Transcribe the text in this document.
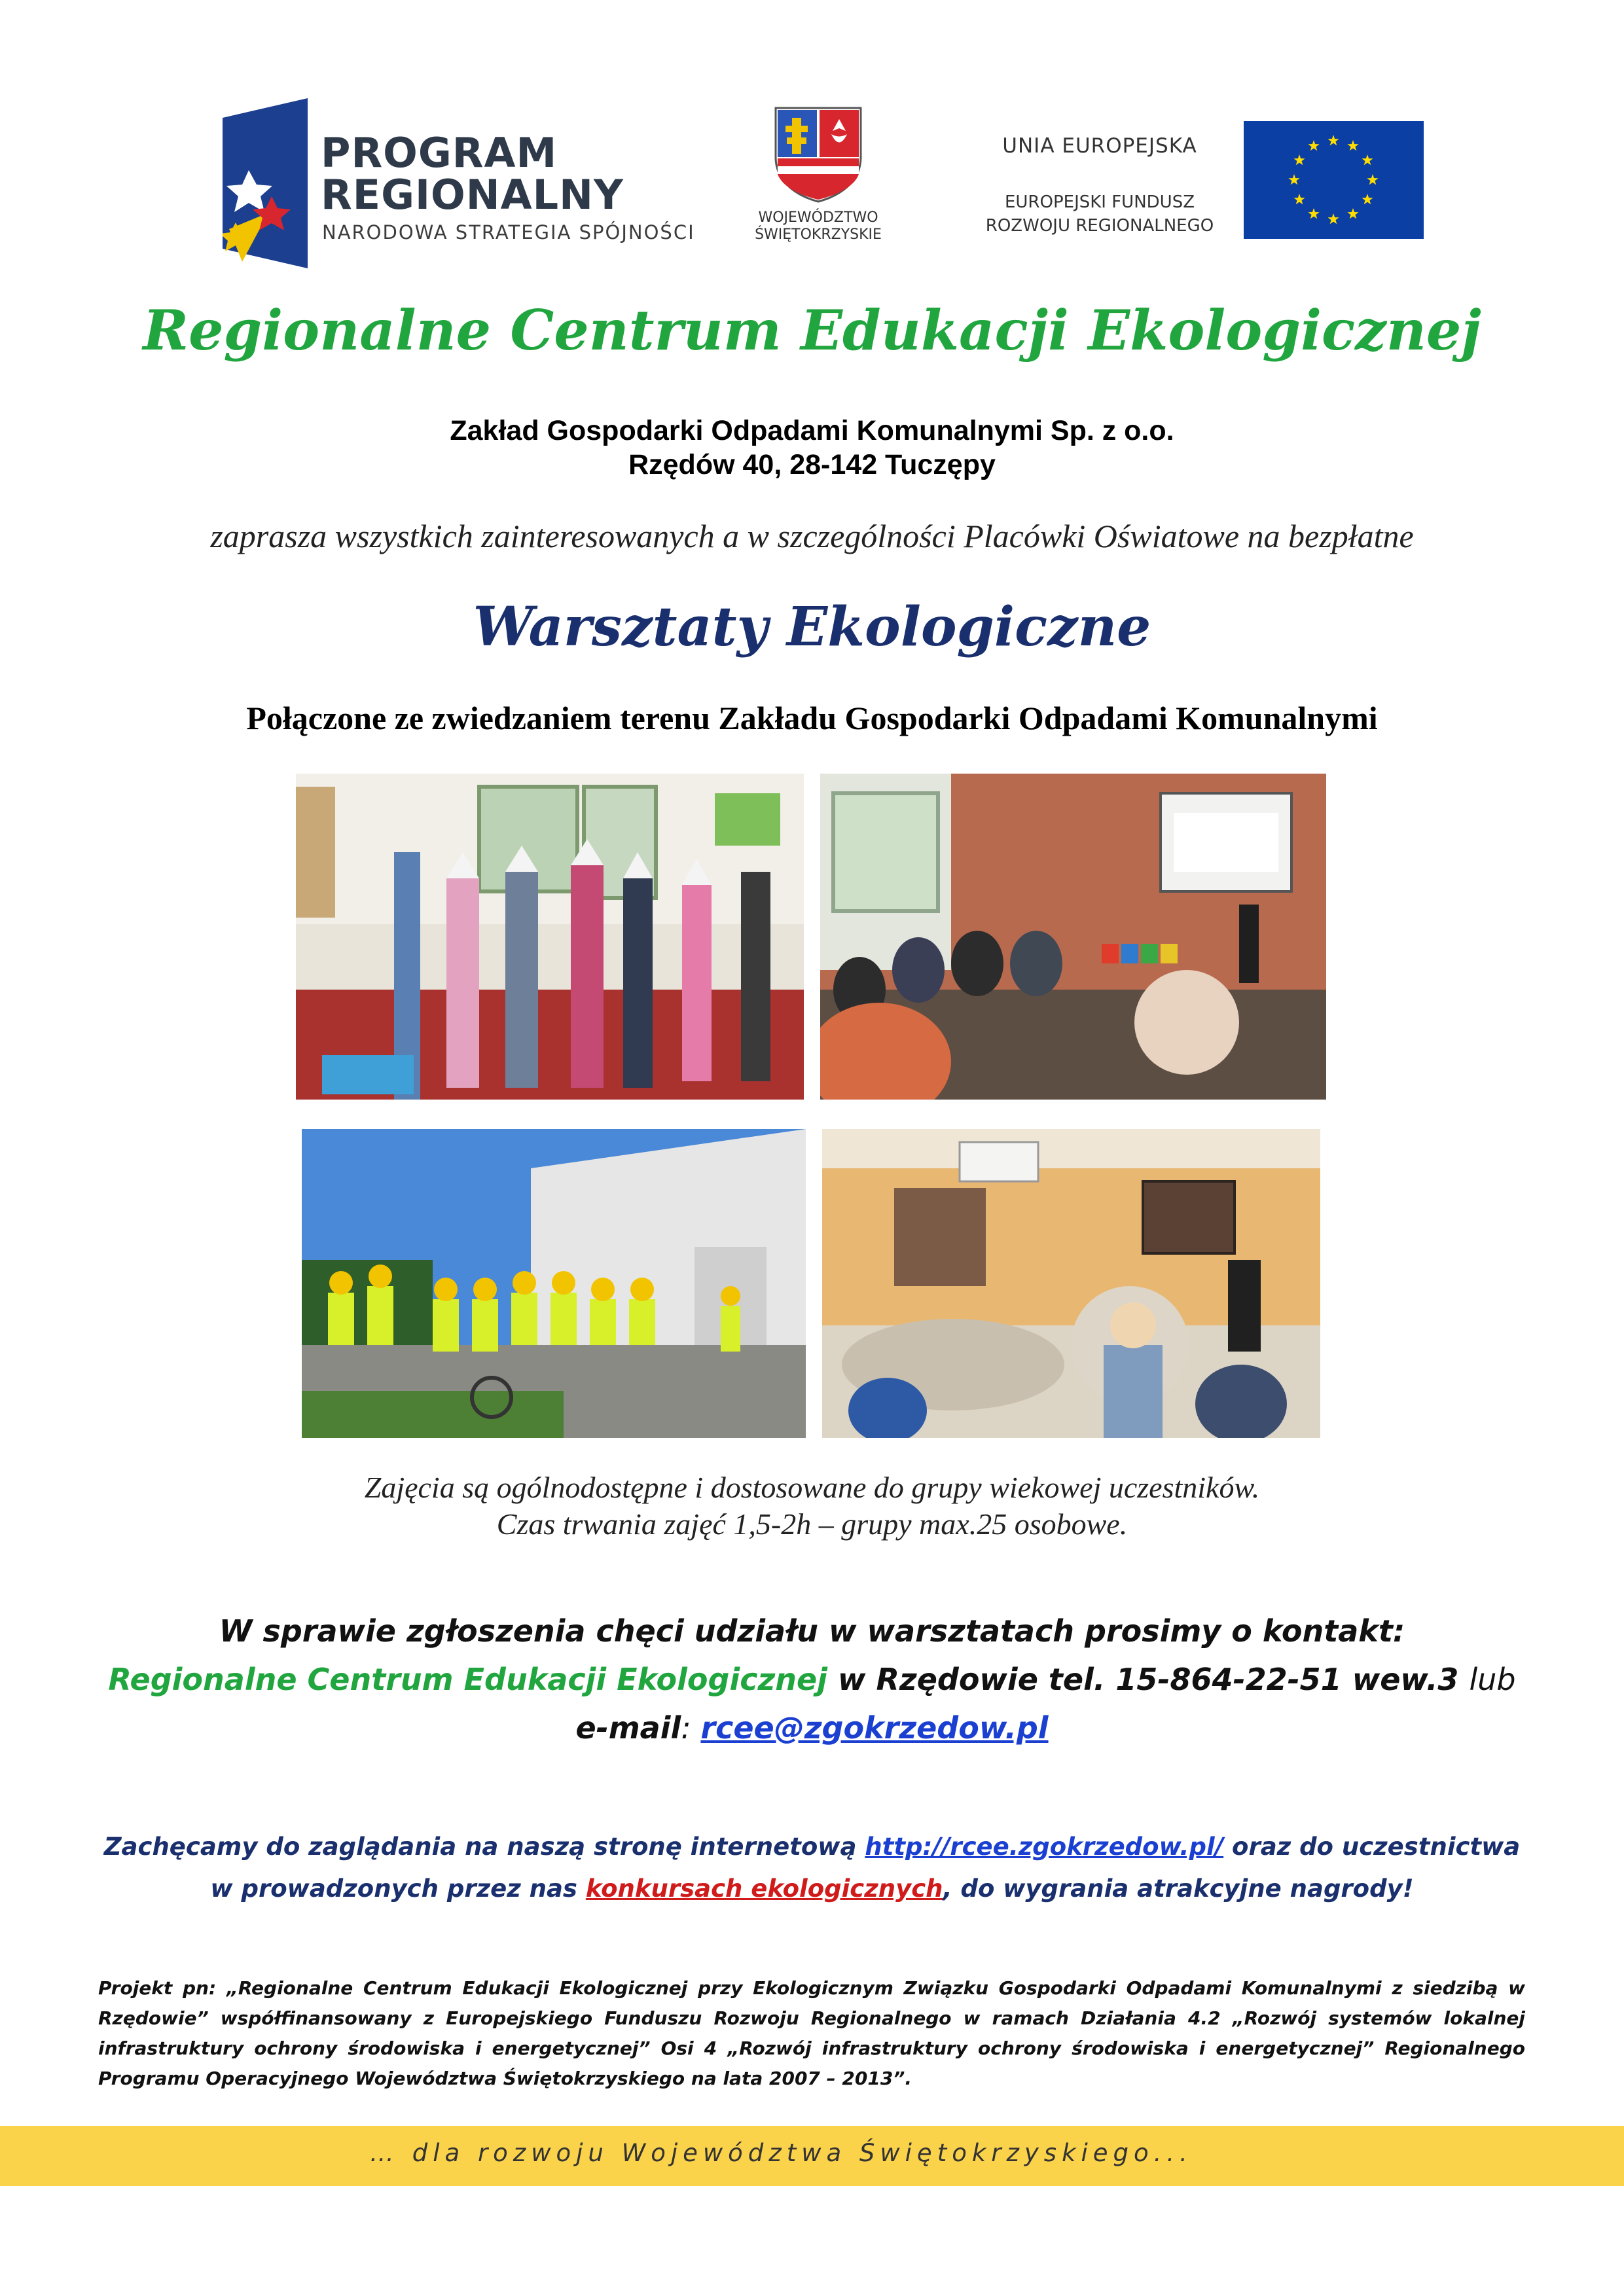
PROGRAM
REGIONALNY
NARODOWA STRATEGIA SPÓJNOŚCI
WOJEWÓDZTWO
ŚWIĘTOKRZYSKIE
UNIA EUROPEJSKA
EUROPEJSKI FUNDUSZ
ROZWOJU REGIONALNEGO
Regionalne Centrum Edukacji Ekologicznej
Zakład Gospodarki Odpadami Komunalnymi Sp. z o.o.
Rzędów 40, 28-142 Tuczępy
zaprasza wszystkich zainteresowanych a w szczególności Placówki Oświatowe na bezpłatne
Warsztaty Ekologiczne
Połączone ze zwiedzaniem terenu Zakładu Gospodarki Odpadami Komunalnymi
Zajęcia są ogólnodostępne i dostosowane do grupy wiekowej uczestników.
Czas trwania zajęć 1,5-2h – grupy max.25 osobowe.
W sprawie zgłoszenia chęci udziału w warsztatach prosimy o kontakt:
Regionalne Centrum Edukacji Ekologicznej w Rzędowie tel. 15-864-22-51 wew.3 lub
e-mail: rcee@zgokrzedow.pl
Zachęcamy do zaglądania na naszą stronę internetową http://rcee.zgokrzedow.pl/ oraz do uczestnictwa
w prowadzonych przez nas konkursach ekologicznych, do wygrania atrakcyjne nagrody!
Projekt pn: „Regionalne Centrum Edukacji Ekologicznej przy Ekologicznym Związku Gospodarki Odpadami Komunalnymi z siedzibą w Rzędowie” współfinansowany z Europejskiego Funduszu Rozwoju Regionalnego w ramach Działania 4.2 „Rozwój systemów lokalnej infrastruktury ochrony środowiska i energetycznej” Osi 4 „Rozwój infrastruktury ochrony środowiska i energetycznej” Regionalnego Programu Operacyjnego Województwa Świętokrzyskiego na lata 2007 – 2013”.
… dla rozwoju Województwa Świętokrzyskiego...
